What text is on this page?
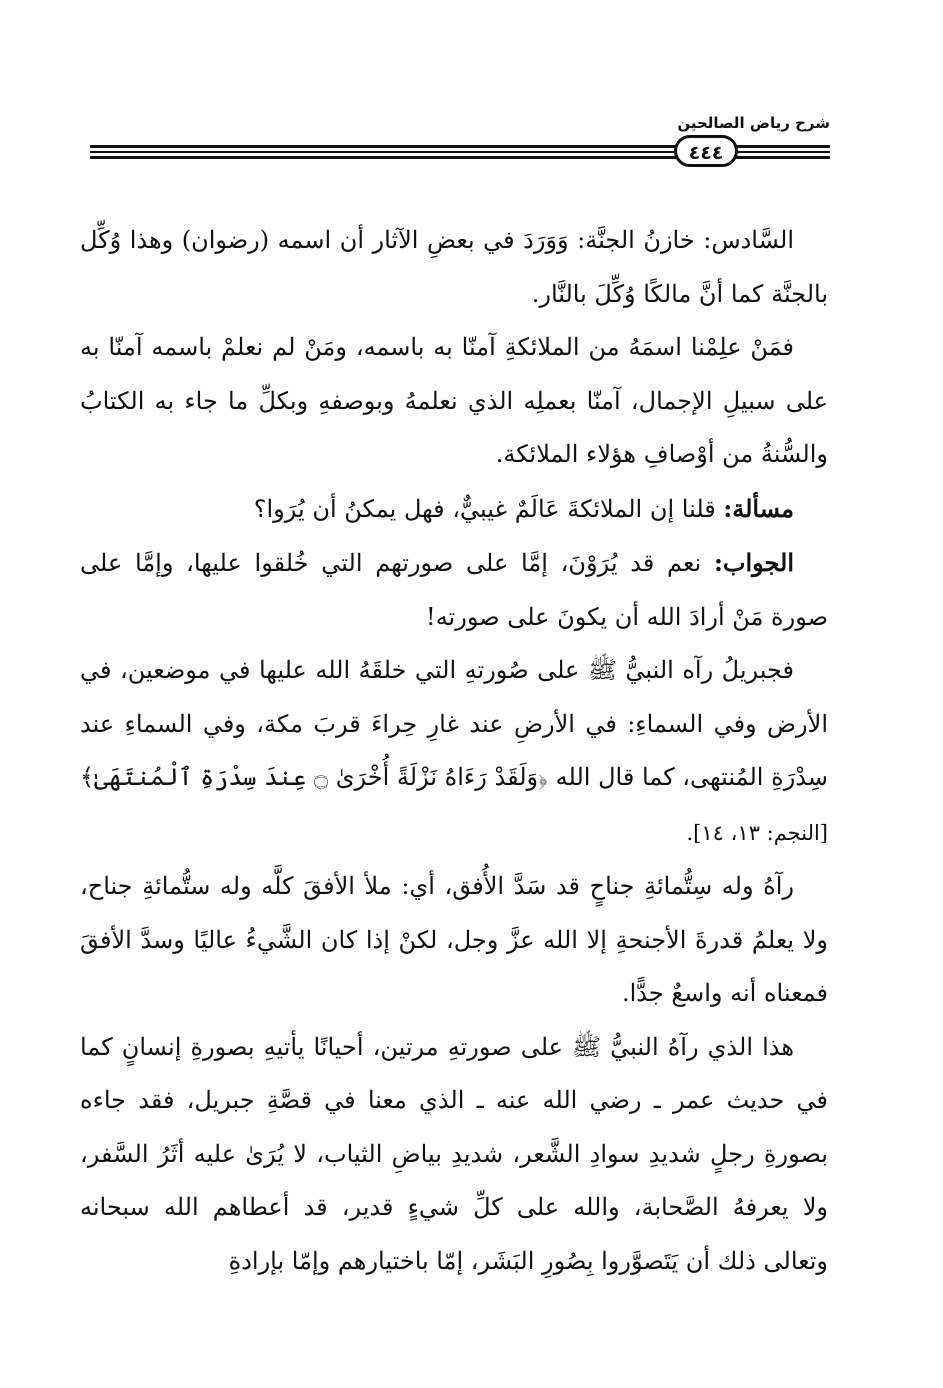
شرح رياض الصالحين
٤٤٤

السَّادس: خازنُ الجنَّة: وَوَرَدَ في بعضِ الآثار أن اسمه (رضوان) وهذا وُكِّل بالجنَّة كما أنَّ مالكًا وُكِّلَ بالنَّار.

فمَنْ علِمْنا اسمَهُ من الملائكةِ آمنّا به باسمه، ومَنْ لم نعلمْ باسمه آمنّا به على سبيلِ الإجمال، آمنّا بعملِه الذي نعلمهُ وبوصفهِ وبكلِّ ما جاء به الكتابُ والسُّنةُ من أوْصافِ هؤلاء الملائكة.

مسألة: قلنا إن الملائكةَ عَالَمٌ غيبيٌّ، فهل يمكنُ أن يُرَوا؟

الجواب: نعم قد يُرَوْنَ، إمَّا على صورتهم التي خُلقوا عليها، وإمَّا على صورة مَنْ أرادَ الله أن يكونَ على صورته!

فجبريلُ رآه النبيُّ ﷺ على صُورتهِ التي خلقَهُ الله عليها في موضعين، في الأرض وفي السماءِ: في الأرضِ عند غارِ حِراءَ قربَ مكة، وفي السماءِ عند سِدْرَةِ المُنتهى، كما قال الله ﴿وَلَقَدْ رَءَاهُ نَزْلَةً أُخْرَىٰ ۝ عِندَ سِدْرَةِ ٱلْمُنتَهَىٰ﴾ [النجم: ١٣، ١٤].

رآهُ وله سِتُّمائةِ جناحٍ قد سَدَّ الأُفق، أي: ملأ الأفقَ كلَّه وله ستُّمائةِ جناح، ولا يعلمُ قدرةَ الأجنحةِ إلا الله عزَّ وجل، لكنْ إذا كان الشَّيءُ عاليًا وسدَّ الأفقَ فمعناه أنه واسعٌ جدًّا.

هذا الذي رآهُ النبيُّ ﷺ على صورتهِ مرتين، أحيانًا يأتيهِ بصورةِ إنسانٍ كما في حديث عمر ـ رضي الله عنه ـ الذي معنا في قصَّةِ جبريل، فقد جاءه بصورةِ رجلٍ شديدِ سوادِ الشَّعر، شديدِ بياضِ الثياب، لا يُرَىٰ عليه أثَرُ السَّفر، ولا يعرفهُ الصَّحابة، والله على كلِّ شيءٍ قدير، قد أعطاهم الله سبحانه وتعالى ذلك أن يَتَصوَّروا بِصُورِ البَشَر، إمّا باختيارهم وإمّا بإرادةِ
